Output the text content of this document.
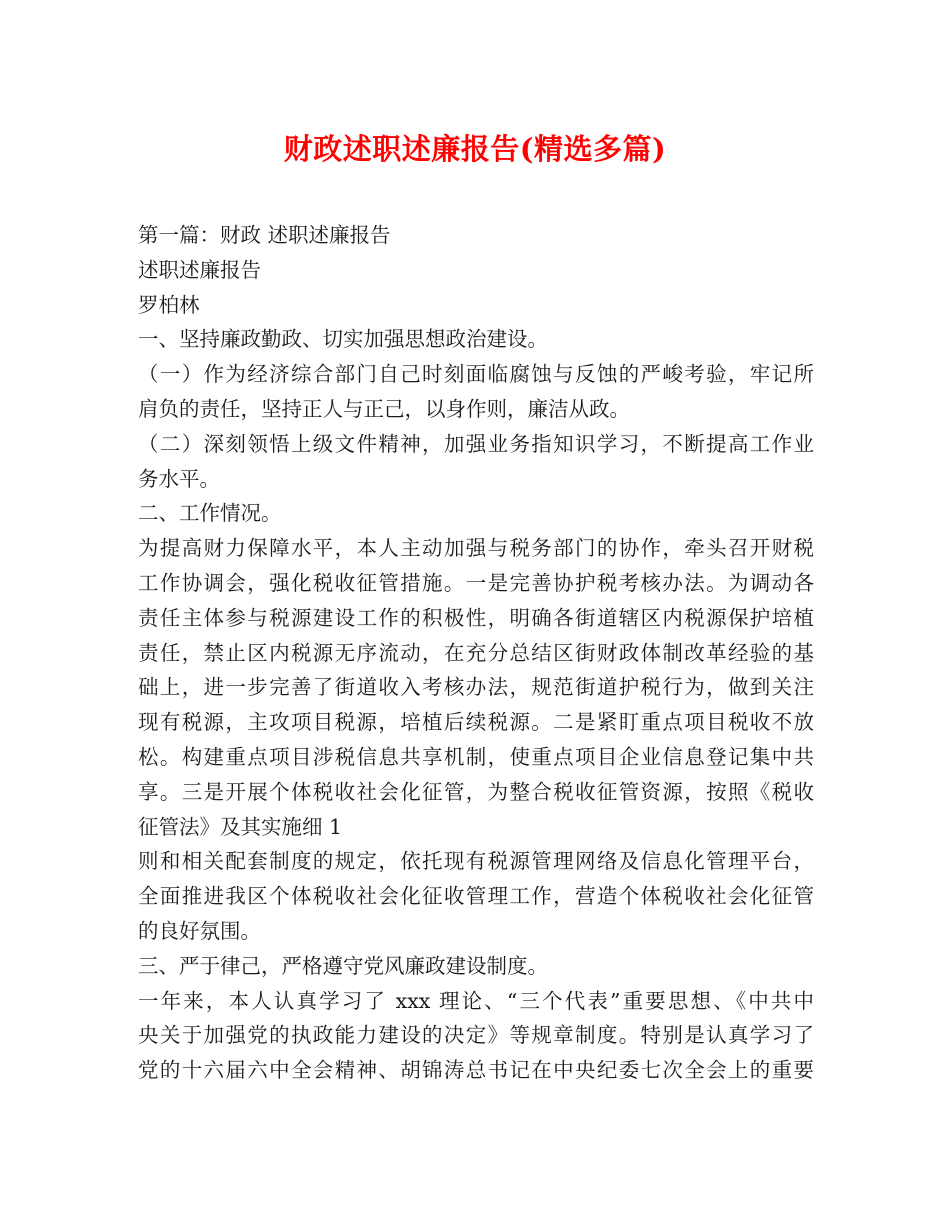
财政述职述廉报告(精选多篇)
第一篇：财政 述职述廉报告
述职述廉报告
罗柏林
一、坚持廉政勤政、切实加强思想政治建设。
（一）作为经济综合部门自己时刻面临腐蚀与反蚀的严峻考验，牢记所
肩负的责任，坚持正人与正己，以身作则，廉洁从政。
（二）深刻领悟上级文件精神，加强业务指知识学习，不断提高工作业
务水平。
二、工作情况。
为提高财力保障水平，本人主动加强与税务部门的协作，牵头召开财税
工作协调会，强化税收征管措施。一是完善协护税考核办法。为调动各
责任主体参与税源建设工作的积极性，明确各街道辖区内税源保护培植
责任，禁止区内税源无序流动，在充分总结区街财政体制改革经验的基
础上，进一步完善了街道收入考核办法，规范街道护税行为，做到关注
现有税源，主攻项目税源，培植后续税源。二是紧盯重点项目税收不放
松。构建重点项目涉税信息共享机制，使重点项目企业信息登记集中共
享。三是开展个体税收社会化征管，为整合税收征管资源，按照《税收
征管法》及其实施细 1
则和相关配套制度的规定，依托现有税源管理网络及信息化管理平台，
全面推进我区个体税收社会化征收管理工作，营造个体税收社会化征管
的良好氛围。
三、严于律己，严格遵守党风廉政建设制度。
一年来，本人认真学习了 xxx 理论、“三个代表”重要思想、《中共中
央关于加强党的执政能力建设的决定》等规章制度。特别是认真学习了
党的十六届六中全会精神、胡锦涛总书记在中央纪委七次全会上的重要
